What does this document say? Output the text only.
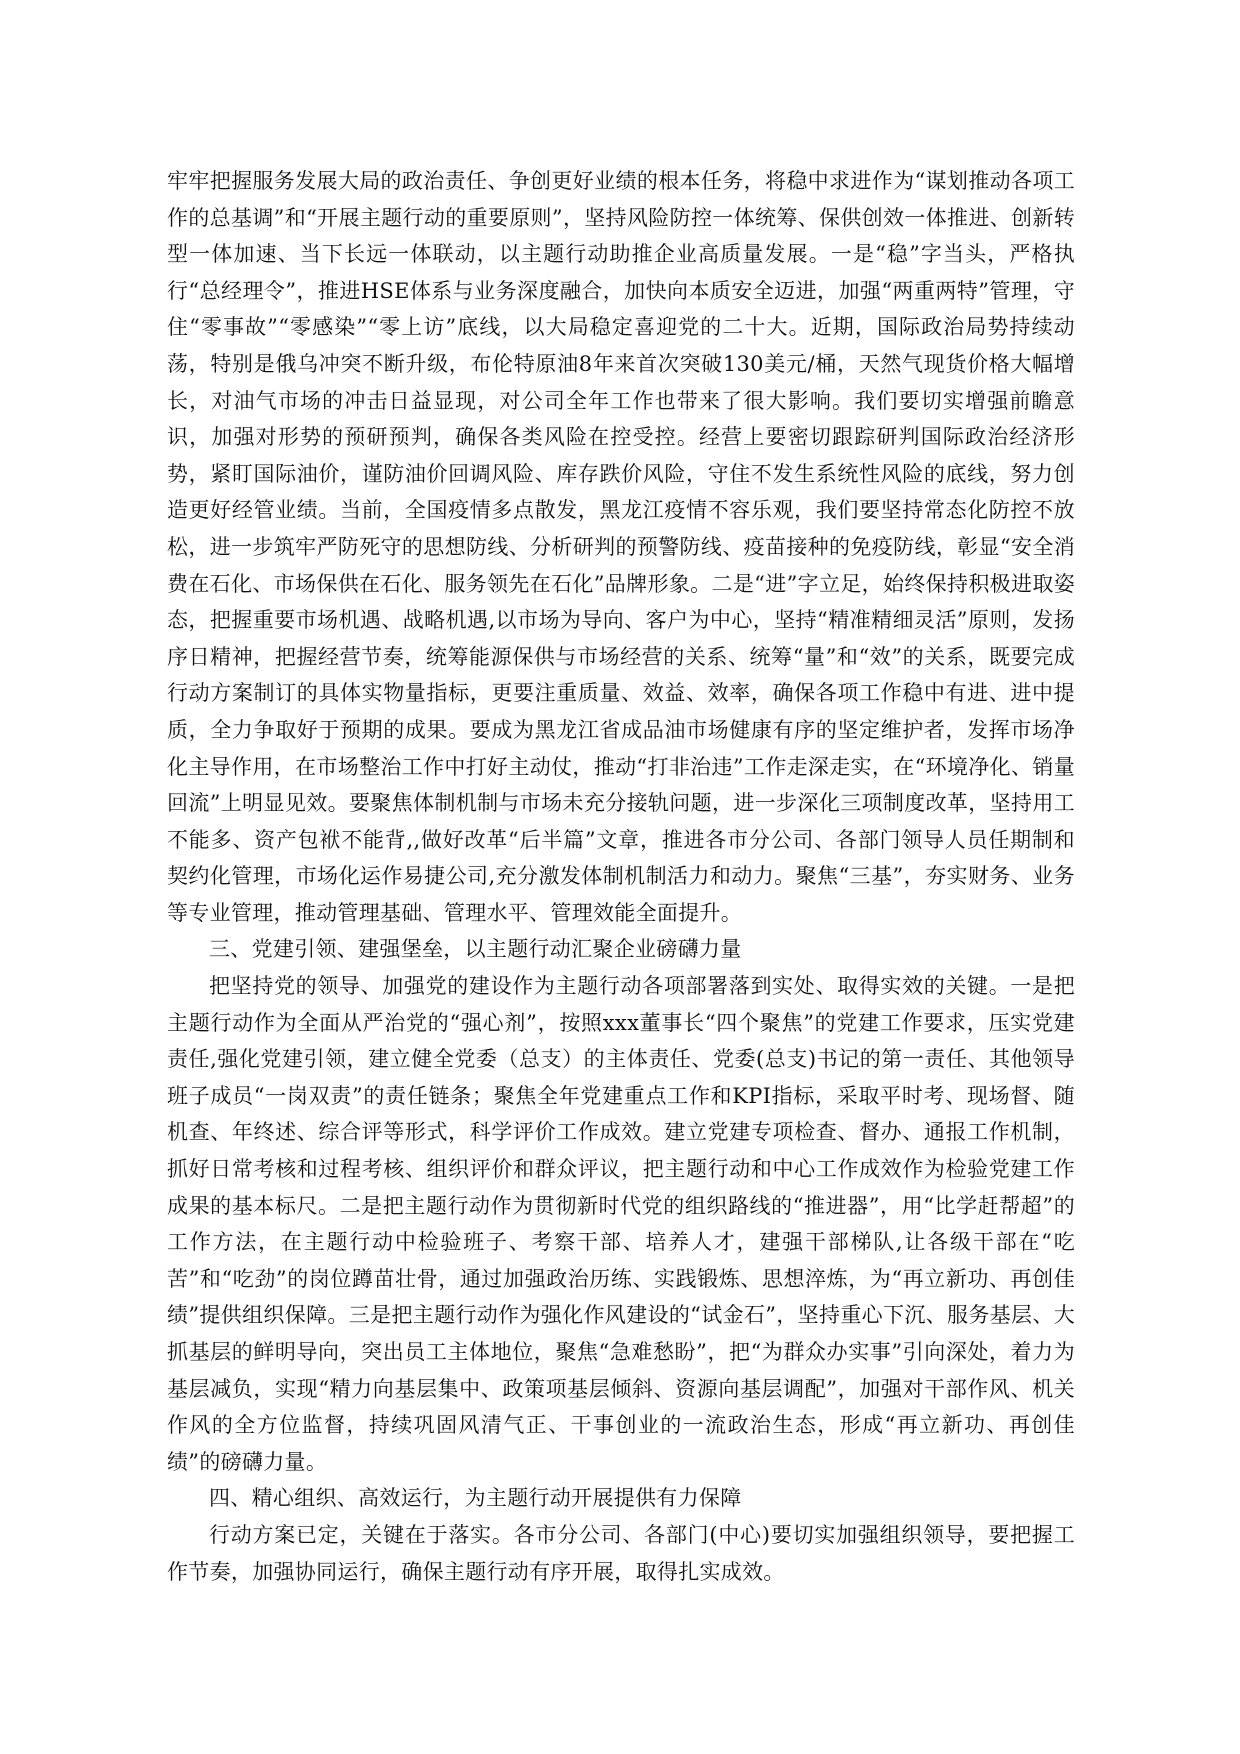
牢牢把握服务发展大局的政治责任、争创更好业绩的根本任务，将稳中求进作为“谋划推动各项工作的总基调”和“开展主题行动的重要原则”，坚持风险防控一体统筹、保供创效一体推进、创新转型一体加速、当下长远一体联动，以主题行动助推企业高质量发展。一是“稳”字当头，严格执行“总经理令”，推进HSE体系与业务深度融合，加快向本质安全迈进，加强“两重两特”管理，守住“零事故”“零感染”“零上访”底线，以大局稳定喜迎党的二十大。近期，国际政治局势持续动荡，特别是俄乌冲突不断升级，布伦特原油8年来首次突破130美元/桶，天然气现货价格大幅增长，对油气市场的冲击日益显现，对公司全年工作也带来了很大影响。我们要切实增强前瞻意识，加强对形势的预研预判，确保各类风险在控受控。经营上要密切跟踪研判国际政治经济形势，紧盯国际油价，谨防油价回调风险、库存跌价风险，守住不发生系统性风险的底线，努力创造更好经管业绩。当前，全国疫情多点散发，黑龙江疫情不容乐观，我们要坚持常态化防控不放松，进一步筑牢严防死守的思想防线、分析研判的预警防线、疫苗接种的免疫防线，彰显“安全消费在石化、市场保供在石化、服务领先在石化”品牌形象。二是“进”字立足，始终保持积极进取姿态，把握重要市场机遇、战略机遇,以市场为导向、客户为中心，坚持“精准精细灵活”原则，发扬序日精神，把握经营节奏，统筹能源保供与市场经营的关系、统筹“量”和“效”的关系，既要完成行动方案制订的具体实物量指标，更要注重质量、效益、效率，确保各项工作稳中有进、进中提质，全力争取好于预期的成果。要成为黑龙江省成品油市场健康有序的坚定维护者，发挥市场净化主导作用，在市场整治工作中打好主动仗，推动“打非治违”工作走深走实，在“环境净化、销量回流”上明显见效。要聚焦体制机制与市场未充分接轨问题，进一步深化三项制度改革，坚持用工不能多、资产包袱不能背,,做好改革“后半篇”文章，推进各市分公司、各部门领导人员任期制和契约化管理，市场化运作易捷公司,充分激发体制机制活力和动力。聚焦“三基”，夯实财务、业务等专业管理，推动管理基础、管理水平、管理效能全面提升。

三、党建引领、建强堡垒，以主题行动汇聚企业磅礴力量

把坚持党的领导、加强党的建设作为主题行动各项部署落到实处、取得实效的关键。一是把主题行动作为全面从严治党的“强心剂”，按照xxx董事长“四个聚焦”的党建工作要求，压实党建责任,强化党建引领，建立健全党委（总支）的主体责任、党委(总支)书记的第一责任、其他领导班子成员“一岗双责”的责任链条；聚焦全年党建重点工作和KPI指标，采取平时考、现场督、随机查、年终述、综合评等形式，科学评价工作成效。建立党建专项检查、督办、通报工作机制，抓好日常考核和过程考核、组织评价和群众评议，把主题行动和中心工作成效作为检验党建工作成果的基本标尺。二是把主题行动作为贯彻新时代党的组织路线的“推进器”，用“比学赶帮超”的工作方法，在主题行动中检验班子、考察干部、培养人才，建强干部梯队,让各级干部在“吃苦”和“吃劲”的岗位蹲苗壮骨，通过加强政治历练、实践锻炼、思想淬炼，为“再立新功、再创佳绩”提供组织保障。三是把主题行动作为强化作风建设的“试金石”，坚持重心下沉、服务基层、大抓基层的鲜明导向，突出员工主体地位，聚焦“急难愁盼”，把“为群众办实事”引向深处，着力为基层减负，实现“精力向基层集中、政策项基层倾斜、资源向基层调配”，加强对干部作风、机关作风的全方位监督，持续巩固风清气正、干事创业的一流政治生态，形成“再立新功、再创佳绩”的磅礴力量。

四、精心组织、高效运行，为主题行动开展提供有力保障

行动方案已定，关键在于落实。各市分公司、各部门(中心)要切实加强组织领导，要把握工作节奏，加强协同运行，确保主题行动有序开展，取得扎实成效。
